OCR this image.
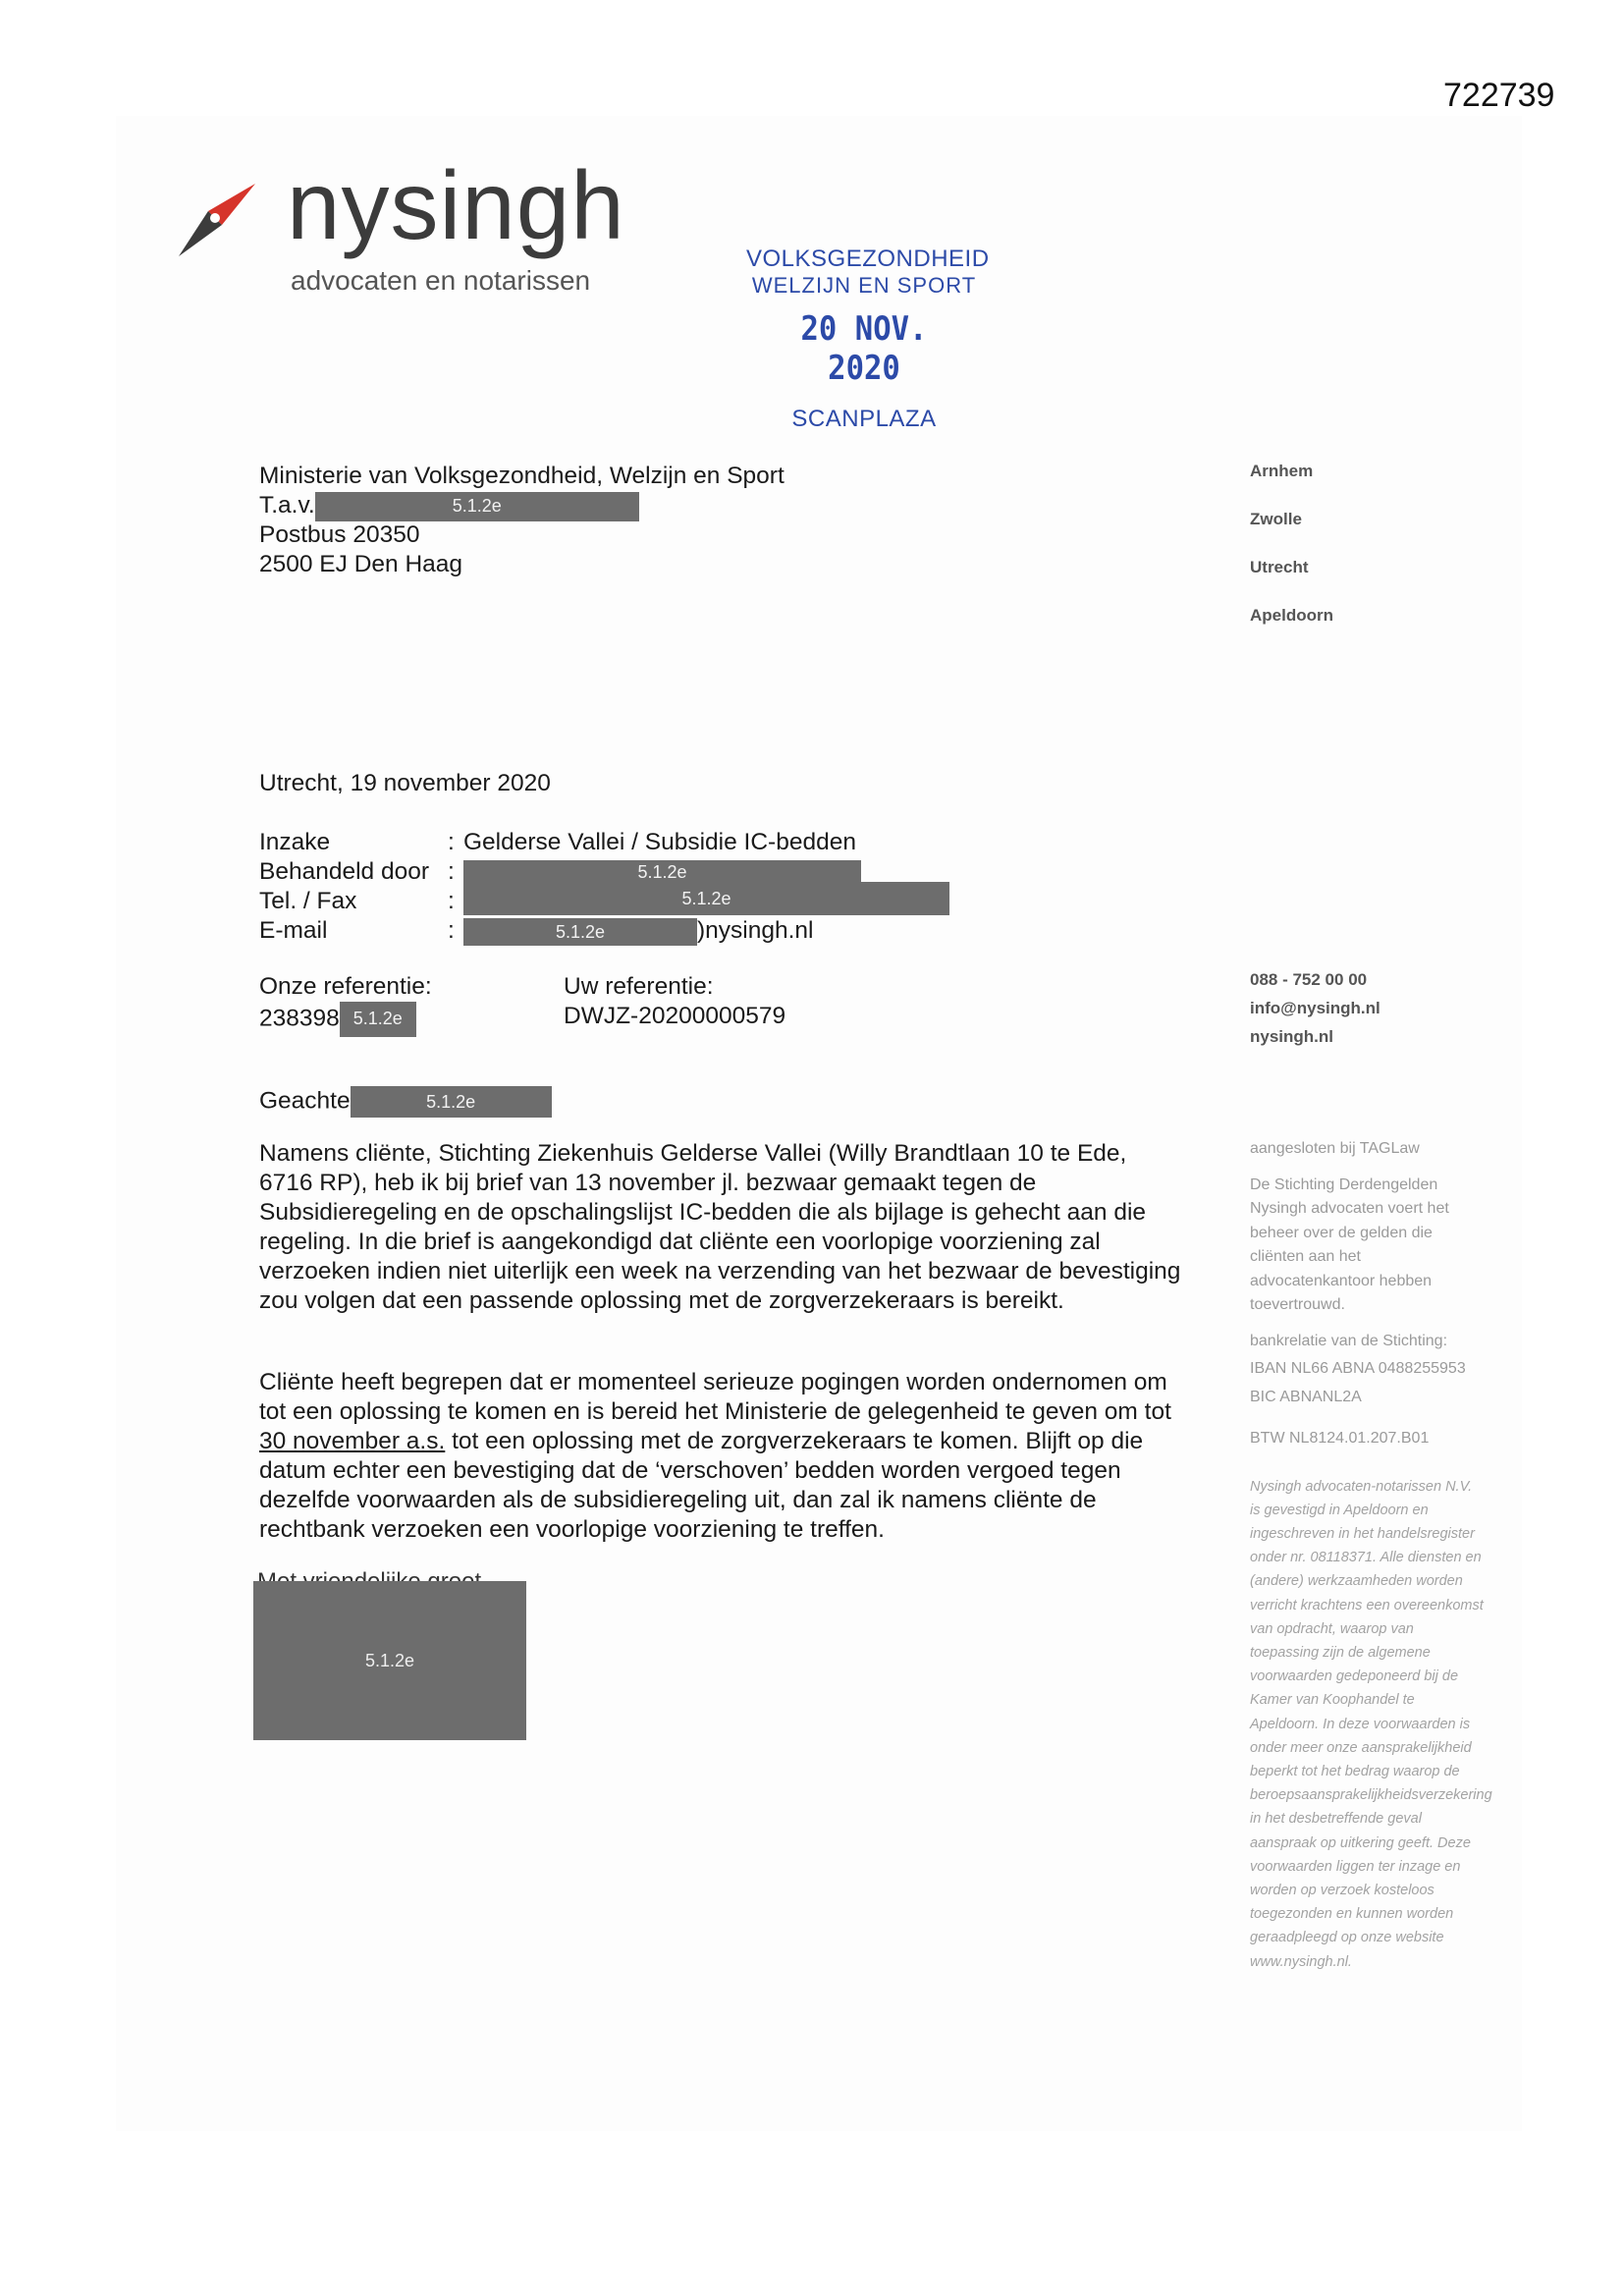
722739
nysingh
advocaten en notarissen
VOLKSGEZONDHEID
WELZIJN EN SPORT
20 NOV. 2020
SCANPLAZA
Ministerie van Volksgezondheid, Welzijn en Sport
T.a.v.	5.1.2e
Postbus 20350
2500 EJ Den Haag
Utrecht, 19 november 2020
Inzake	: Gelderse Vallei / Subsidie IC-bedden
Behandeld door :	5.1.2e
Tel. / Fax	:	5.1.2e
E-mail	:	5.1.2e	)nysingh.nl
Onze referentie:
238398 5.1.2e
Uw referentie:
DWJZ-20200000579
Geachte	5.1.2e
Namens cliënte, Stichting Ziekenhuis Gelderse Vallei (Willy Brandtlaan 10 te Ede, 6716 RP), heb ik bij brief van 13 november jl. bezwaar gemaakt tegen de Subsidieregeling en de opschalingslijst IC-bedden die als bijlage is gehecht aan die regeling. In die brief is aangekondigd dat cliënte een voorlopige voorziening zal verzoeken indien niet uiterlijk een week na verzending van het bezwaar de bevestiging zou volgen dat een passende oplossing met de zorgverzekeraars is bereikt.
Cliënte heeft begrepen dat er momenteel serieuze pogingen worden ondernomen om tot een oplossing te komen en is bereid het Ministerie de gelegenheid te geven om tot 30 november a.s. tot een oplossing met de zorgverzekeraars te komen. Blijft op die datum echter een bevestiging dat de ‘verschoven’ bedden worden vergoed tegen dezelfde voorwaarden als de subsidieregeling uit, dan zal ik namens cliënte de rechtbank verzoeken een voorlopige voorziening te treffen.
5.1.2e
Arnhem
Zwolle
Utrecht
Apeldoorn
088 - 752 00 00
info@nysingh.nl
nysingh.nl

aangesloten bij TAGLaw

De Stichting Derdengelden Nysingh advocaten voert het beheer over de gelden die cliënten aan het advocatenkantoor hebben toevertrouwd.

bankrelatie van de Stichting:
IBAN NL66 ABNA 0488255953
BIC ABNANL2A
BTW NL8124.01.207.B01
Nysingh advocaten-notarissen N.V. is gevestigd in Apeldoorn en ingeschreven in het handelsregister onder nr. 08118371. Alle diensten en (andere) werkzaamheden worden verricht krachtens een overeenkomst van opdracht, waarop van toepassing zijn de algemene voorwaarden gedeponeerd bij de Kamer van Koophandel te Apeldoorn. In deze voorwaarden is onder meer onze aansprakelijkheid beperkt tot het bedrag waarop de beroepsaansprakelijkheidsverzekering in het desbetreffende geval aanspraak op uitkering geeft. Deze voorwaarden liggen ter inzage en worden op verzoek kosteloos toegezonden en kunnen worden geraadpleegd op onze website www.nysingh.nl.
